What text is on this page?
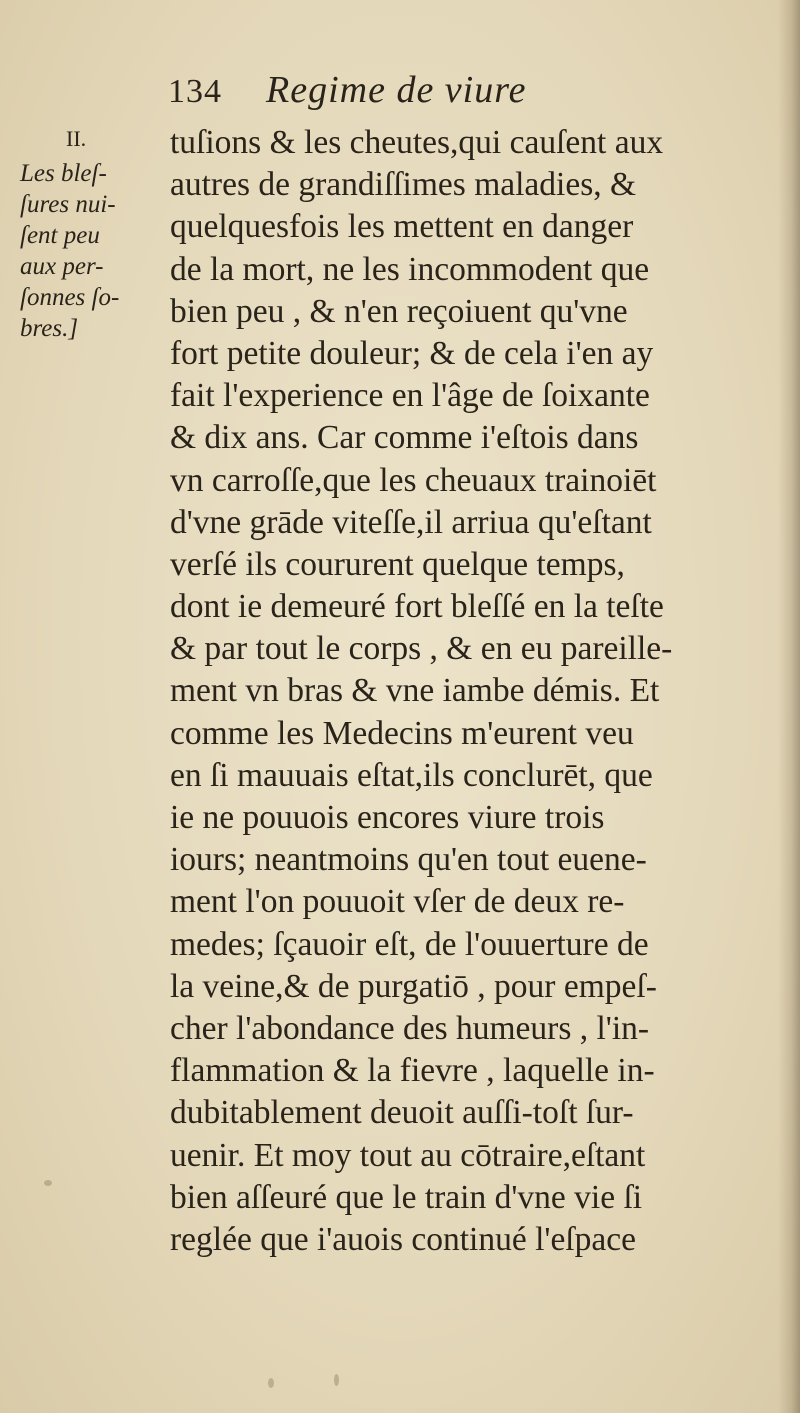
134 Regime de viure
II.
Les bleſ-
ſures nui-
ſent peu
aux per-
ſonnes ſo-
bres.]
tuſions & les cheutes,qui cauſent aux
autres de grandiſſimes maladies, &
quelquesfois les mettent en danger
de la mort, ne les incommodent que
bien peu , & n'en reçoiuent qu'vne
fort petite douleur; & de cela i'en ay
fait l'experience en l'âge de ſoixante
& dix ans. Car comme i'eſtois dans
vn carroſſe,que les cheuaux trainoiēt
d'vne grāde viteſſe,il arriua qu'eſtant
verſé ils coururent quelque temps,
dont ie demeuré fort bleſſé en la teſte
& par tout le corps , & en eu pareille-
ment vn bras & vne iambe démis. Et
comme les Medecins m'eurent veu
en ſi mauuais eſtat,ils conclurēt, que
ie ne pouuois encores viure trois
iours; neantmoins qu'en tout euene-
ment l'on pouuoit vſer de deux re-
medes; ſçauoir eſt, de l'ouuerture de
la veine,& de purgatiō , pour empeſ-
cher l'abondance des humeurs , l'in-
flammation & la fievre , laquelle in-
dubitablement deuoit auſſi-toſt ſur-
uenir. Et moy tout au cōtraire,eſtant
bien aſſeuré que le train d'vne vie ſi
reglée que i'auois continué l'eſpace
